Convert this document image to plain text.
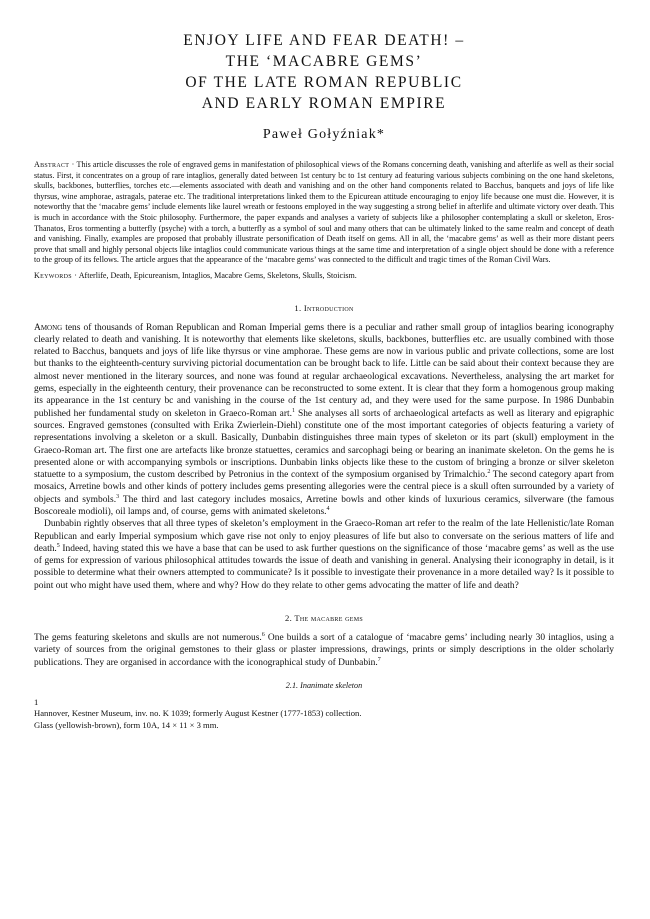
ENJOY LIFE AND FEAR DEATH! –

THE ‘MACABRE GEMS’

OF THE LATE ROMAN REPUBLIC

AND EARLY ROMAN EMPIRE

Paweł Gołyźniak*

Abstract · This article discusses the role of engraved gems in manifestation of philosophical views of the Romans concerning death, vanishing and afterlife as well as their social status. First, it concentrates on a group of rare intaglios, generally dated between 1st century bc to 1st century ad featuring various subjects combining on the one hand skeletons, skulls, backbones, butterflies, torches etc.—elements associated with death and vanishing and on the other hand components related to Bacchus, banquets and joys of life like thyrsus, wine amphorae, astragals, paterae etc. The traditional interpretations linked them to the Epicurean attitude encouraging to enjoy life because one must die. However, it is noteworthy that the ‘macabre gems’ include elements like laurel wreath or festoons employed in the way suggesting a strong belief in afterlife and ultimate victory over death. This is much in accordance with the Stoic philosophy. Furthermore, the paper expands and analyses a variety of subjects like a philosopher contemplating a skull or skeleton, Eros-Thanatos, Eros tormenting a butterfly (psyche) with a torch, a butterfly as a symbol of soul and many others that can be ultimately linked to the same realm and concept of death and vanishing. Finally, examples are proposed that probably illustrate personification of Death itself on gems. All in all, the ‘macabre gems’ as well as their more distant peers prove that small and highly personal objects like intaglios could communicate various things at the same time and interpretation of a single object should be done with a reference to the group of its fellows. The article argues that the appearance of the ‘macabre gems’ was connected to the difficult and tragic times of the Roman Civil Wars.
Keywords · Afterlife, Death, Epicureanism, Intaglios, Macabre Gems, Skeletons, Skulls, Stoicism.
1. Introduction

Among tens of thousands of Roman Republican and Roman Imperial gems there is a peculiar and rather small group of intaglios bearing iconography clearly related to death and vanishing. It is noteworthy that elements like skeletons, skulls, backbones, butterflies etc. are usually combined with those related to Bacchus, banquets and joys of life like thyrsus or vine amphorae. These gems are now in various public and private collections, some are lost but thanks to the eighteenth-century surviving pictorial documentation can be brought back to life. Little can be said about their context because they are almost never mentioned in the literary sources, and none was found at regular archaeological excavations. Nevertheless, analysing the art market for gems, especially in the eighteenth century, their provenance can be reconstructed to some extent. It is clear that they form a homogenous group making its appearance in the 1st century bc and vanishing in the course of the 1st century ad, and they were used for the same purpose. In 1986 Dunbabin published her fundamental study on skeleton in Graeco-Roman art.$^1$ She analyses all sorts of archaeological artefacts as well as literary and epigraphic sources. Engraved gemstones (consulted with Erika Zwierlein-Diehl) constitute one of the most important categories of objects featuring a variety of representations involving a skeleton or a skull. Basically, Dunbabin distinguishes three main types of skeleton or its part (skull) employment in the Graeco-Roman art. The first one are artefacts like bronze statuettes, ceramics and sarcophagi being or bearing an inanimate skeleton. On the gems he is presented alone or with accompanying symbols or inscriptions. Dunbabin links objects like these to the custom of bringing a bronze or silver skeleton statuette to a symposium, the custom described by Petronius in the context of the symposium organised by Trimalchio.$^2$ The second category apart from mosaics, Arretine bowls and other kinds of pottery includes gems presenting allegories were the central piece is a skull often surrounded by a variety of objects and symbols.$^3$ The third and last category includes mosaics, Arretine bowls and other kinds of luxurious ceramics, silverware (the famous Boscoreale modioli), oil lamps and, of course, gems with animated skeletons.$^4$

Dunbabin rightly observes that all three types of skeleton’s employment in the Graeco-Roman art refer to the realm of the late Hellenistic/late Roman Republican and early Imperial symposium which gave rise not only to enjoy pleasures of life but also to conversate on the serious matters of life and death.$^5$ Indeed, having stated this we have a base that can be used to ask further questions on the significance of those ‘macabre gems’ as well as the use of gems for expression of various philosophical attitudes towards the issue of death and vanishing in general. Analysing their iconography in detail, is it possible to determine what their owners attempted to communicate? Is it possible to investigate their provenance in a more detailed way? Is it possible to point out who might have used them, where and why? How do they relate to other gems advocating the matter of life and death?

2. The macabre gems

The gems featuring skeletons and skulls are not numerous.$^6$ One builds a sort of a catalogue of ‘macabre gems’ including nearly 30 intaglios, using a variety of sources from the original gemstones to their glass or plaster impressions, drawings, prints or simply descriptions in the older scholarly publications. They are organised in accordance with the iconographical study of Dunbabin.$^7$

2.1. Inanimate skeleton
1
Hannover, Kestner Museum, inv. no. K 1039; formerly August Kestner (1777-1853) collection.
Glass (yellowish-brown), form 10A, 14 × 11 × 3 mm.
